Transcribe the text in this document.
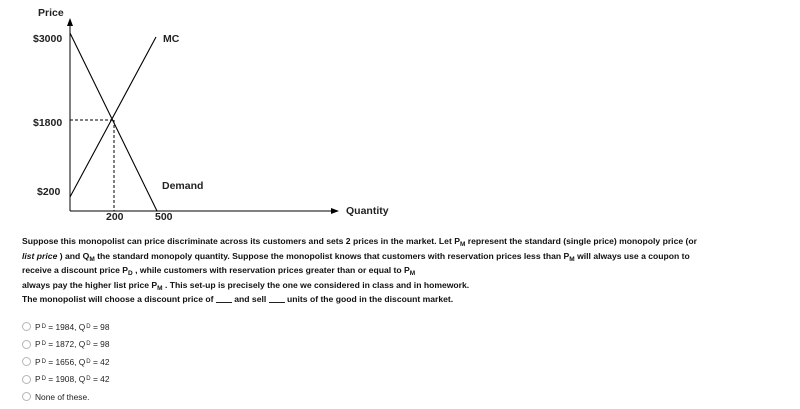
Price
$3000
$1800
$200
200	500
MC
Demand
Quantity

Suppose this monopolist can price discriminate across its customers and sets 2 prices in the market. Let $P_M$ represent the standard (single price) monopoly price (or list price ) and $Q_M$ the standard monopoly quantity. Suppose the monopolist knows that customers with reservation prices less than $P_M$ will always use a coupon to receive a discount price $P_D$ , while customers with reservation prices greater than or equal to $P_M$
always pay the higher list price $P_M$ . This set-up is precisely the one we considered in class and in homework.

The monopolist will choose a discount price of and sell units of the good in the discount market.
P D
= 1984,
Q D
= 98
P D
= 1872,
Q D
= 98
P D
= 1656,
Q D
= 42
P D
= 1908,
Q D
= 42
None of these.
